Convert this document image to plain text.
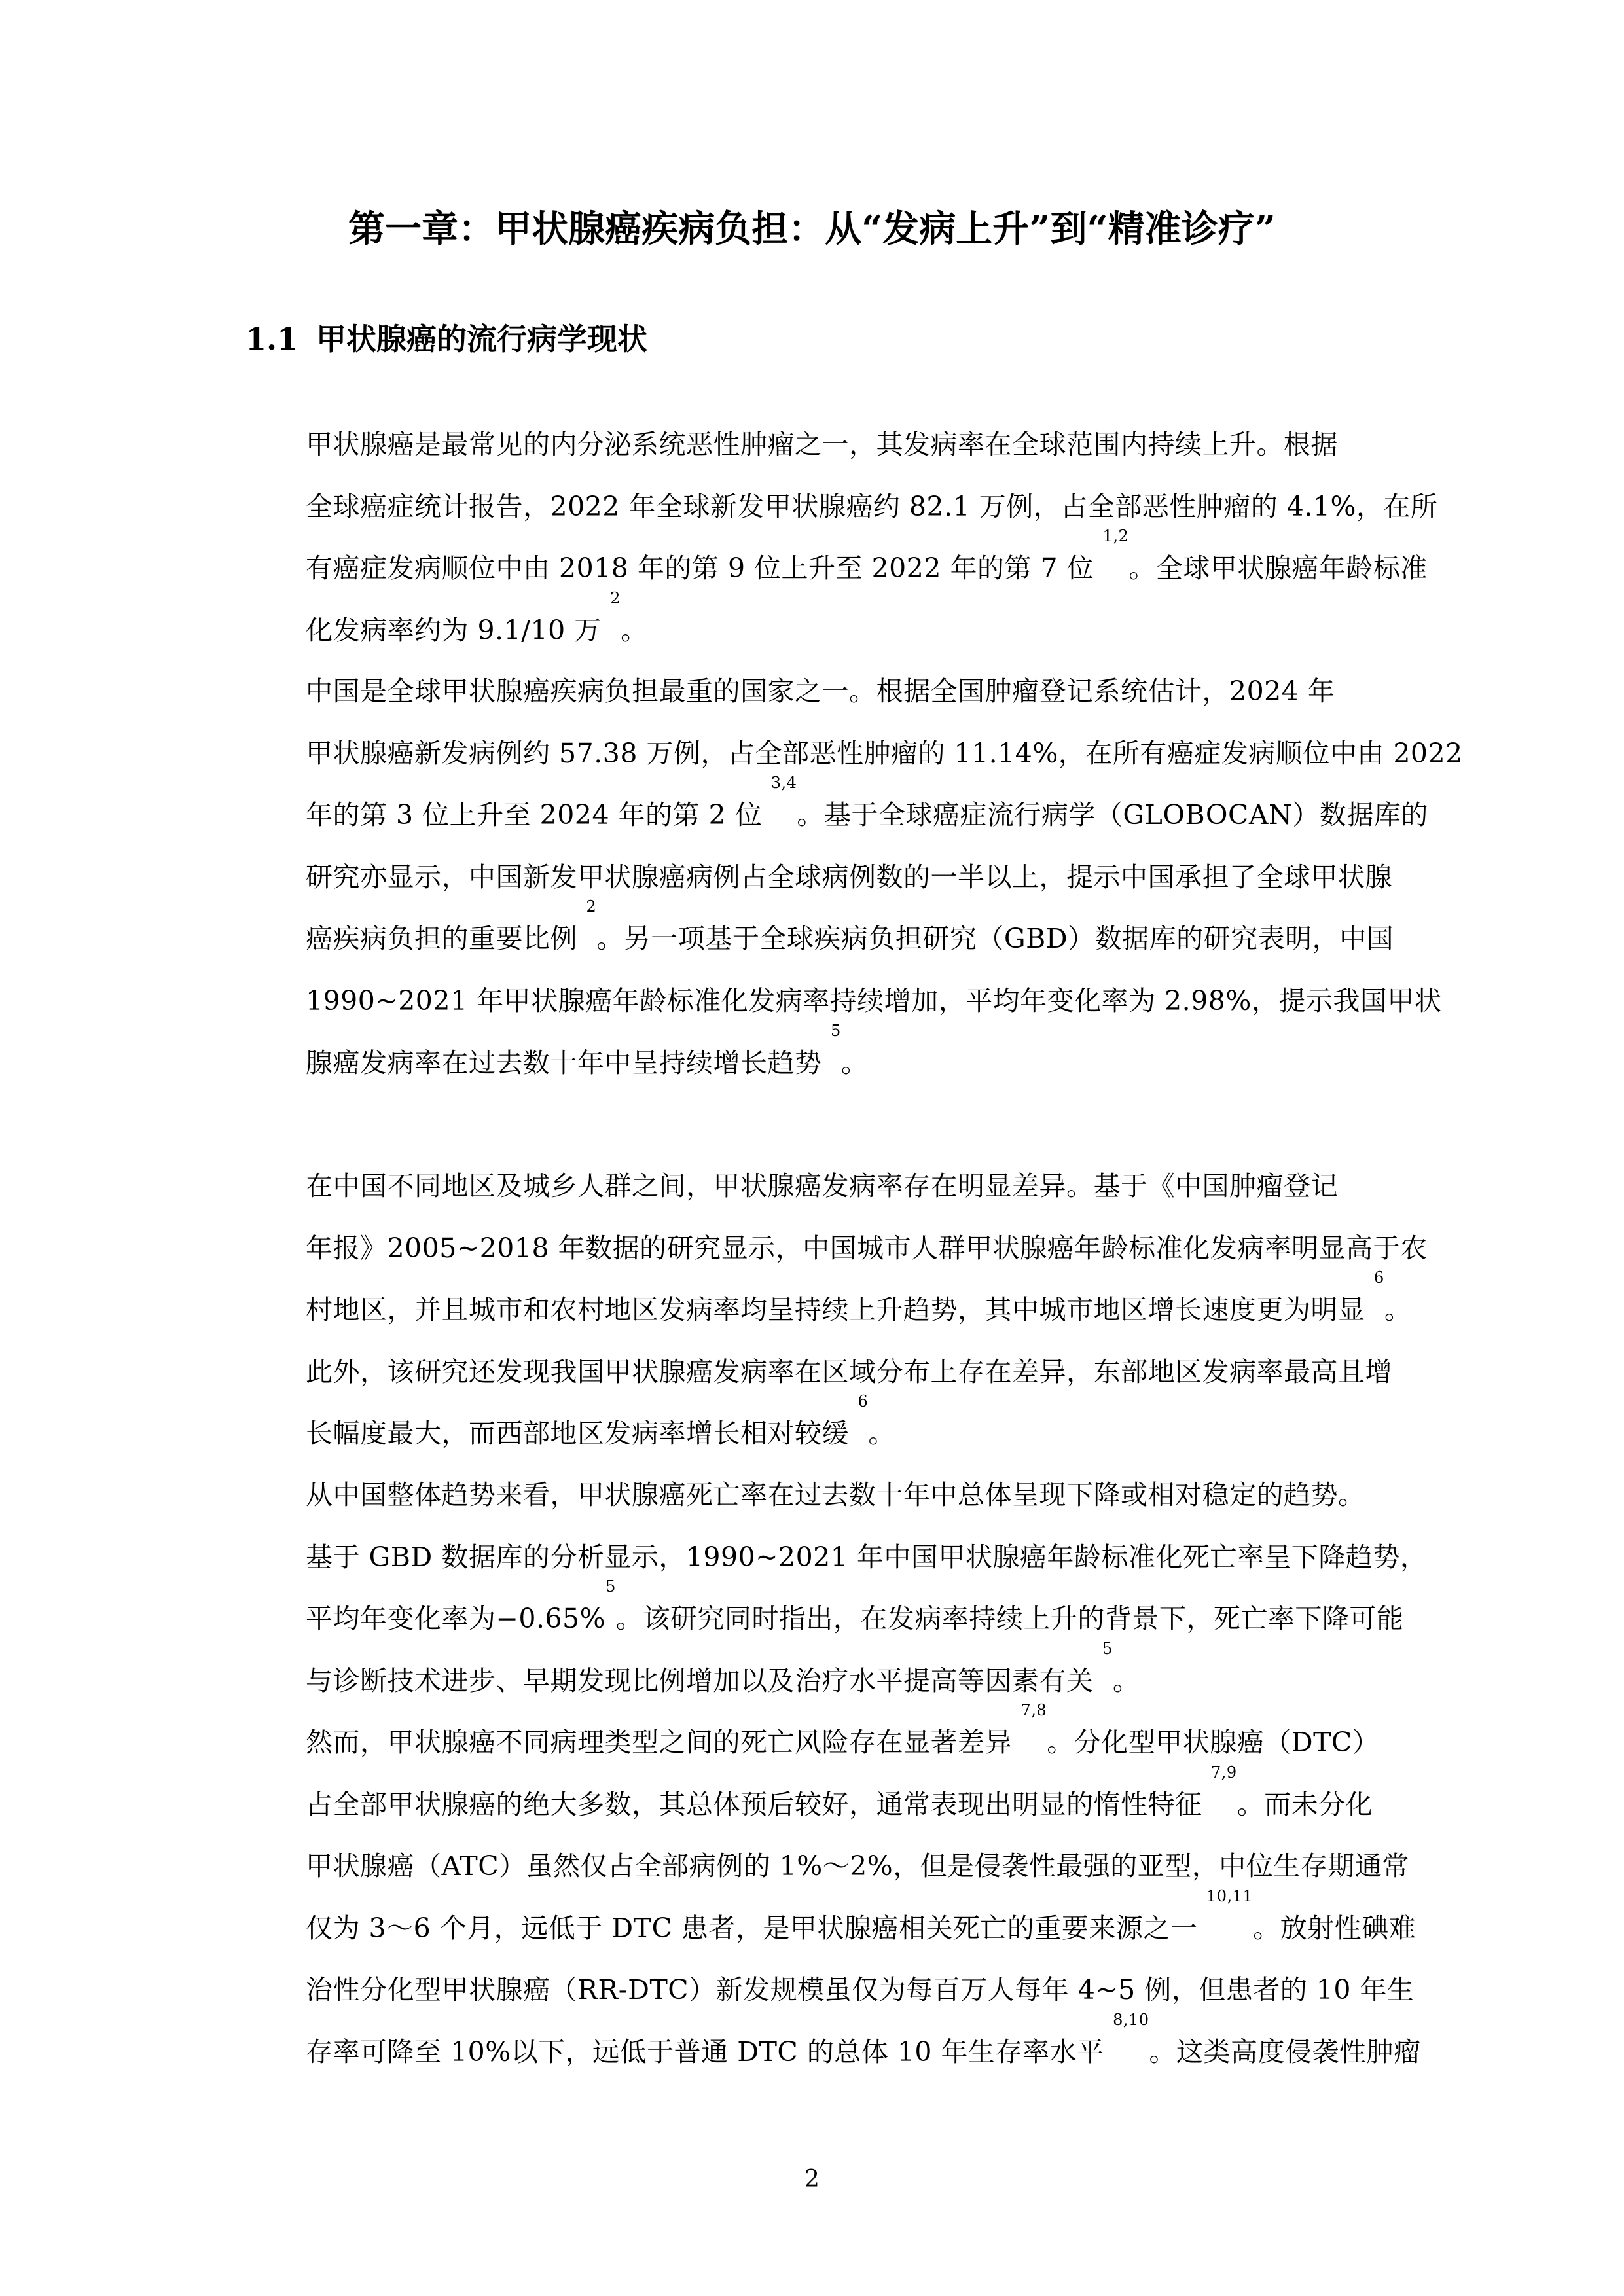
第一章：甲状腺癌疾病负担：从“发病上升”到“精准诊疗”
1.1 甲状腺癌的流行病学现状

甲状腺癌是最常见的内分泌系统恶性肿瘤之一，其发病率在全球范围内持续上升。根据
全球癌症统计报告，2022 年全球新发甲状腺癌约 82.1 万例，占全部恶性肿瘤的 4.1%，在所
有癌症发病顺位中由 2018 年的第 9 位上升至 2022 年的第 7 位 $^{1,2}$。全球甲状腺癌年龄标准
化发病率约为 9.1/10 万 $^2$。

中国是全球甲状腺癌疾病负担最重的国家之一。根据全国肿瘤登记系统估计，2024 年
甲状腺癌新发病例约 57.38 万例，占全部恶性肿瘤的 11.14%，在所有癌症发病顺位中由 2022
年的第 3 位上升至 2024 年的第 2 位 $^{3,4}$。基于全球癌症流行病学（GLOBOCAN）数据库的
研究亦显示，中国新发甲状腺癌病例占全球病例数的一半以上，提示中国承担了全球甲状腺
癌疾病负担的重要比例 $^2$。另一项基于全球疾病负担研究（GBD）数据库的研究表明，中国
1990~2021 年甲状腺癌年龄标准化发病率持续增加，平均年变化率为 2.98%，提示我国甲状
腺癌发病率在过去数十年中呈持续增长趋势 $^5$。

在中国不同地区及城乡人群之间，甲状腺癌发病率存在明显差异。基于《中国肿瘤登记
年报》2005~2018 年数据的研究显示，中国城市人群甲状腺癌年龄标准化发病率明显高于农
村地区，并且城市和农村地区发病率均呈持续上升趋势，其中城市地区增长速度更为明显 $^6$。
此外，该研究还发现我国甲状腺癌发病率在区域分布上存在差异，东部地区发病率最高且增
长幅度最大，而西部地区发病率增长相对较缓 $^6$。

从中国整体趋势来看，甲状腺癌死亡率在过去数十年中总体呈现下降或相对稳定的趋势。
基于 GBD 数据库的分析显示，1990~2021 年中国甲状腺癌年龄标准化死亡率呈下降趋势，
平均年变化率为−0.65%$^5$。该研究同时指出，在发病率持续上升的背景下，死亡率下降可能
与诊断技术进步、早期发现比例增加以及治疗水平提高等因素有关 $^5$。

然而，甲状腺癌不同病理类型之间的死亡风险存在显著差异 $^{7,8}$。分化型甲状腺癌（DTC）
占全部甲状腺癌的绝大多数，其总体预后较好，通常表现出明显的惰性特征 $^{7,9}$。而未分化
甲状腺癌（ATC）虽然仅占全部病例的 1%～2%，但是侵袭性最强的亚型，中位生存期通常
仅为 3～6 个月，远低于 DTC 患者，是甲状腺癌相关死亡的重要来源之一 $^{10,11}$。放射性碘难
治性分化型甲状腺癌（RR-DTC）新发规模虽仅为每百万人每年 4~5 例，但患者的 10 年生
存率可降至 10%以下，远低于普通 DTC 的总体 10 年生存率水平 $^{8,10}$。这类高度侵袭性肿瘤

2
